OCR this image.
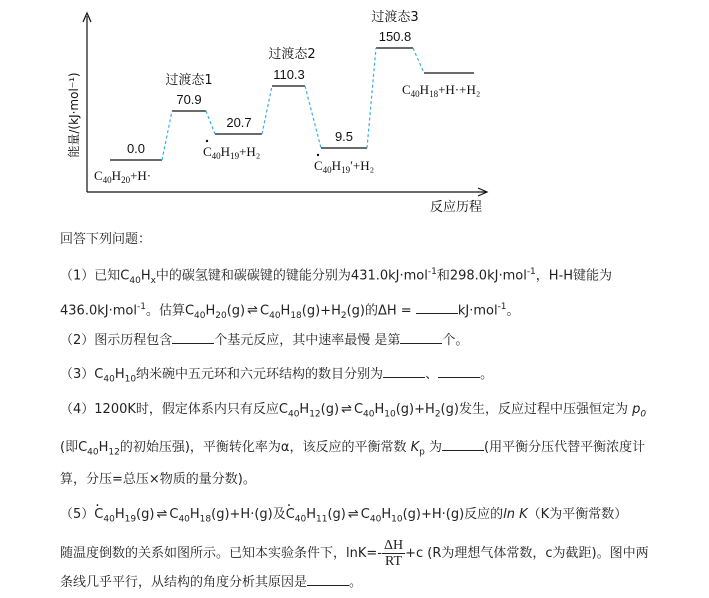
能量/(kJ·mol⁻¹)
反应历程
0.0
70.9
20.7
110.3
9.5
150.8
过渡态1
过渡态2
过渡态3
$C_{40}H_{20}+H\cdot$
$C_{40}H_{19}+H_2$
$C_{40}H_{19}'+H_2$
$C_{40}H_{18}+H\cdot+H_2$
回答下列问题：
（1）已知$C_{40}H_x$中的碳氢键和碳碳键的键能分别为431.0kJ·mol$^{-1}$和298.0kJ·mol$^{-1}$，H-H键能为
436.0kJ·mol$^{-1}$。估算$C_{40}H_{20}(g)$ ⇌ $C_{40}H_{18}(g)+H_2(g)$的ΔH =	kJ·mol$^{-1}$。
（2）图示历程包含	个基元反应，其中速率最慢 是第	个。
$(3)C_{40}H_{10}$纳米碗中五元环和六元环结构的数目分别为	、	。
（4）1200K时，假定体系内只有反应$C_{40}H_{12}(g)$ ⇌ $C_{40}H_{10}(g)+H_2(g)$发生，反应过程中压强恒定为 $p_0$
(即$C_{40}H_{12}$的初始压强)，平衡转化率为α，该反应的平衡常数 $K_p$ 为	(用平衡分压代替平衡浓度计
算，分压=总压×物质的量分数)。
$(5)\cdot C_{40}H_{19}(g)$ ⇌ $C_{40}H_{18}(g)+H\cdot(g)$及· $C_{40}H_{11}(g)$ ⇌ $C_{40}H_{10}(g)+H\cdot(g)$反应的ln K（K为平衡常数）
随温度倒数的关系如图所示。已知本实验条件下，$\ln K=- \frac{\Delta H}{RT} +c$ (R为理想气体常数，c为截距)。图中两
条线几乎平行，从结构的角度分析其原因是	。
